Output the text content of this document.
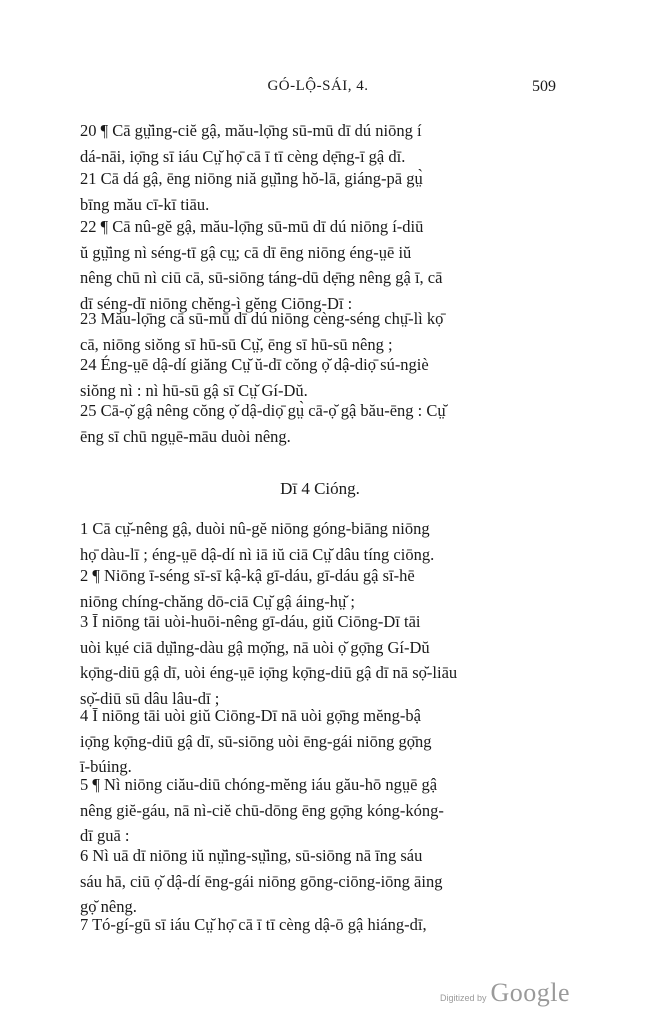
GÓ-LỘ-SÁI, 4.	509
20 ¶ Cā gṳ̆ing-ciĕ gậ, mău-lọ̄ng sū-mū dī dú niōng í
dá-nāi, iọ̄ng sī iáu Cṳ̆ họ̄ cā ī tī cèng dẹ̄ng-ī gậ dī.
21 Cā dá gậ, ēng niōng niă gṳ̆ing hŏ-lā, giáng-pā gṳ̀
bīng mău cī-kī tiāu.
22 ¶ Cā nû-gĕ gậ, mău-lọ̄ng sū-mū dī dú niōng í-diū
ŭ gṳ̆ing nì séng-tī gậ cṳ̣; cā dī ēng niōng éng-ṳē iŭ
nêng chū nì ciū cā, sū-siōng táng-dū dẹ̄ng nêng gậ ī, cā
dī séng-dī niōng chĕng-ì gĕng Ciōng-Dī :
23 Mău-lọ̄ng cā sū-mū dī dú niōng cèng-séng chṳ̄-lì kọ̄
cā, niōng siŏng sī hū-sū Cṳ̆, ēng sī hū-sū nêng ;
24 Éng-ṳē dậ-dí giăng Cṳ̆ ŭ-dī cŏng ọ̆ dậ-diọ̄ sú-ngiè
siŏng nì : nì hū-sū gậ sī Cṳ̆ Gí-Dŭ.
25 Cā-ọ̆ gậ nêng cŏng ọ̆ dậ-diọ̄ gṳ̀ cā-ọ̆ gậ bău-ēng : Cṳ̆
ēng sī chū ngṳē-māu duòi nêng.
Dī 4 Cióng.
1 Cā cṳ̆-nêng gậ, duòi nû-gĕ niōng góng-biāng niōng
họ̄ dàu-lī ; éng-ṳē dậ-dí nì iā iŭ ciā Cṳ̆ dâu tíng ciōng.
2 ¶ Niōng ī-séng sī-sī kậ-kậ gī-dáu, gī-dáu gậ sī-hē
niōng chíng-chăng dō-ciā Cṳ̆ gậ áing-hṳ̆ ;
3 Ī niōng tāi uòi-huōi-nêng gī-dáu, giŭ Ciōng-Dī tāi
uòi kṳé ciā dṳ̆ing-dàu gậ mọ̆ng, nā uòi ọ̆ gọ̄ng Gí-Dŭ
kọ̄ng-diū gậ dī, uòi éng-ṳē iọ̄ng kọ̄ng-diū gậ dī nā sọ̆-liāu
sọ̆-diū sū dâu lâu-dī ;
4 Ī niōng tāi uòi giŭ Ciōng-Dī nā uòi gọ̄ng mĕng-bậ
iọ̄ng kọ̄ng-diū gậ dī, sū-siōng uòi ēng-gái niōng gọ̄ng
ī-búing.
5 ¶ Nì niōng ciău-diū chóng-mĕng iáu gău-hō ngṳē gậ
nêng giĕ-gáu, nā nì-ciĕ chū-dōng ēng gọ̄ng kóng-kóng-
dī guā :
6 Nì uā dī niōng iŭ nṳ̆ing-sṳ̆ing, sū-siōng nā īng sáu
sáu hā, ciū ọ̆ dậ-dí ēng-gái niōng gōng-ciōng-iōng āing
gọ̆ nêng.
7 Tó-gí-gū sī iáu Cṳ̆ họ̄ cā ī tī cèng dậ-ō gậ hiáng-dī,
Digitized by Google
